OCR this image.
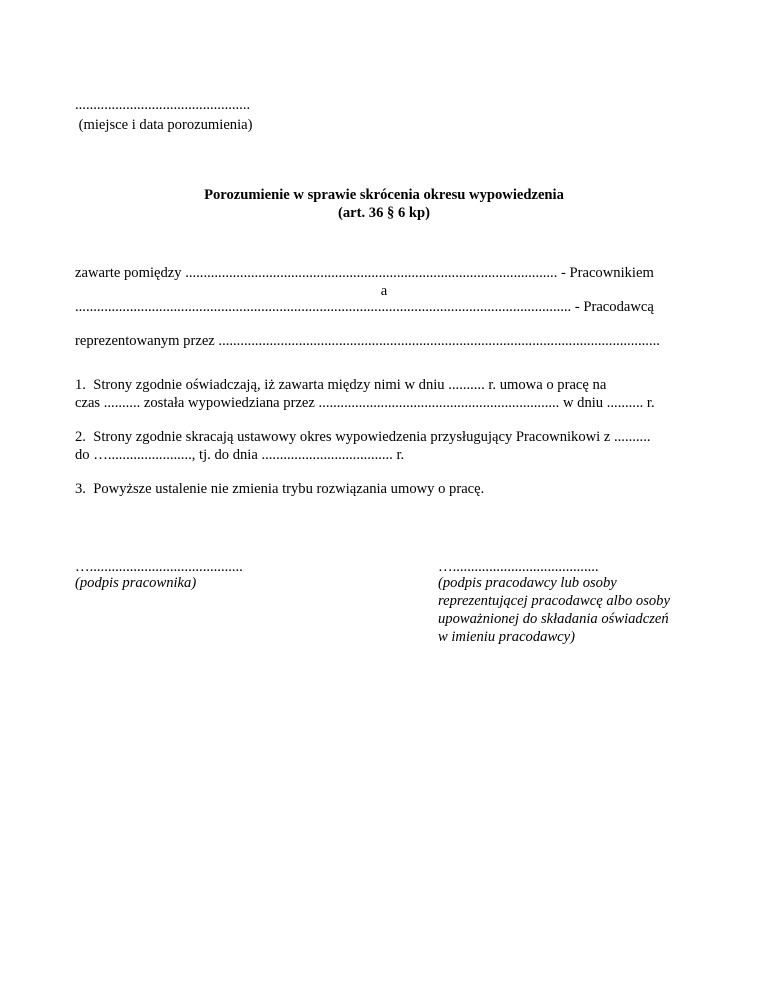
................................................
(miejsce i data porozumienia)
Porozumienie w sprawie skrócenia okresu wypowiedzenia
(art. 36 § 6 kp)
zawarte pomiędzy ...................................................................................................... - Pracownikiem
a
........................................................................................................................................ - Pracodawcą
reprezentowanym przez .........................................................................................................................
1.  Strony zgodnie oświadczają, iż zawarta między nimi w dniu .......... r. umowa o pracę na
czas .......... została wypowiedziana przez .................................................................. w dniu .......... r.
2.  Strony zgodnie skracają ustawowy okres wypowiedzenia przysługujący Pracownikowi z ..........
do …......................., tj. do dnia .................................... r.
3.  Powyższe ustalenie nie zmienia trybu rozwiązania umowy o pracę.
…..........................................
(podpis pracownika)
…........................................
(podpis pracodawcy lub osoby
reprezentującej pracodawcę albo osoby
upoważnionej do składania oświadczeń
w imieniu pracodawcy)
